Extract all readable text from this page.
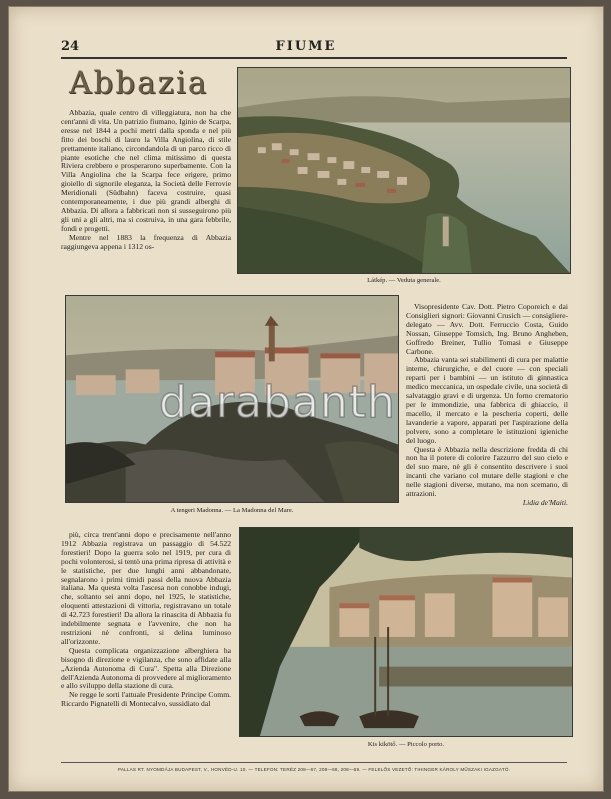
24	FIUME
Abbazia

Abbazia, quale centro di villeggiatura, non ha che cent'anni di vita. Un patrizio fiumano, Iginio de Scarpa, eresse nel 1844 a pochi metri dalla sponda e nel più fitto dei boschi di lauro la Villa Angiolina, di stile prettamente italiano, circondandola di un parco ricco di piante esotiche che nel clima mitissimo di questa Riviera crebbero e prosperarono superbamente. Con la Villa Angiolina che la Scarpa fece erigere, primo gioiello di signorile eleganza, la Società delle Ferrovie Meridionali (Südbahn) faceva costruire, quasi contemporaneamente, i due più grandi alberghi di Abbazia. Di allora a fabbricati non si susseguirono più gli uni a gli altri, ma si costruiva, in una gara febbrile, fondi e progetti.

Mentre nel 1883 la frequenza di Abbazia raggiungeva appena i 1312 os-

Látkép. — Veduta generale.
A tengeri Madonna. — La Madonna del Mare.

Visopresidente Cav. Dott. Pietro Coporeich e dai Consiglieri signori: Giovanni Crusich — consigliere-delegato — Avv. Dott. Ferruccio Costa, Guido Nossan, Giuseppe Tomsich, Ing. Bruno Angheben, Goffredo Breiner, Tullio Tomasi e Giuseppe Carbone.

Abbazia vanta sei stabilimenti di cura per malattie interne, chirurgiche, e del cuore — con speciali reparti per i bambini — un istituto di ginnastica medico meccanica, un ospedale civile, una società di salvataggio gravi e di urgenza. Un forno crematorio per le immondizie, una fabbrica di ghiaccio, il macello, il mercato e la pescheria coperti, delle lavanderie a vapore, apparati per l'aspirazione della polvere, sono a completare le istituzioni igieniche del luogo.

Questa è Abbazia nella descrizione fredda di chi non ha il potere di colorire l'azzurro del suo cielo e del suo mare, nè gli è consentito descrivere i suoi incanti che variano col mutare delle stagioni e che nelle stagioni diverse, mutano, ma non scemano, di attrazioni.

Lidia de'Maiti.

più, circa trent'anni dopo e precisamente nell'anno 1912 Abbazia registrava un passaggio di 54.522 forestieri! Dopo la guerra solo nel 1919, per cura di pochi volonterosi, si tentò una prima ripresa di attività e le statistiche, per due lunghi anni abbandonate, segnalarono i primi timidi passi della nuova Abbazia italiana. Ma questa volta l'ascesa non conobbe indugi, che, soltanto sei anni dopo, nel 1925, le statistiche, eloquenti attestazioni di vittoria, registravano un totale di 42.723 forestieri! Da allora la rinascita di Abbazia fu indebilmente segnata e l'avvenire, che non ha restrizioni nè confronti, si delina luminoso all'orizzonte.

Questa complicata organizzazione alberghiera ha bisogno di direzione e vigilanza, che sono affidate alla „Azienda Autonoma di Cura". Spetta alla Direzione dell'Azienda Autonoma di provvedere al miglioramento e allo sviluppo della stazione di cura.

Ne regge le sorti l'attuale Presidente Principe Comm. Riccardo Pignatelli di Montecalvo, sussidiato dal

Kis kikötő. — Piccolo porto.
PALLAS RT. NYOMDÁJA BUDAPEST, V., HONVÉD-U. 10. — TELEFON: TERÉZ 208—67, 208—68, 208—69. — FELELŐS VEZETŐ: TIHINGER KÁROLY MŰSZAKI IGAZGATÓ.
darabanth
